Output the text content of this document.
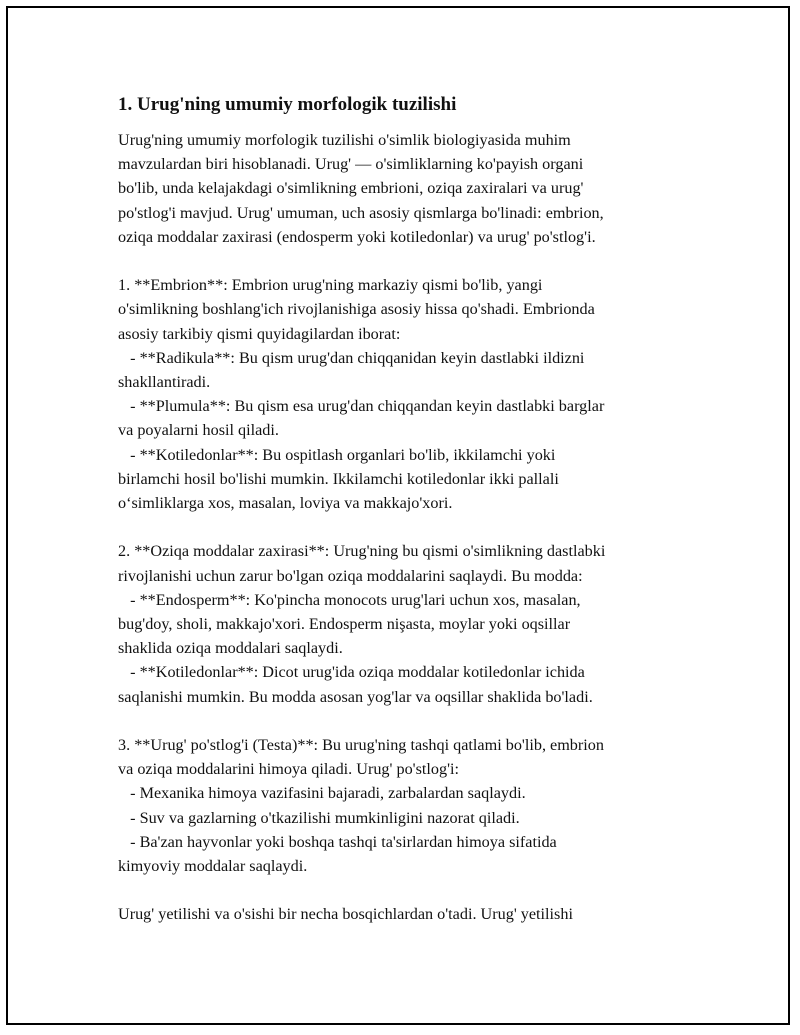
1. Urug'ning umumiy morfologik tuzilishi
Urug'ning umumiy morfologik tuzilishi o'simlik biologiyasida muhim
mavzulardan biri hisoblanadi. Urug' — o'simliklarning ko'payish organi
bo'lib, unda kelajakdagi o'simlikning embrioni, oziqa zaxiralari va urug'
po'stlog'i mavjud. Urug' umuman, uch asosiy qismlarga bo'linadi: embrion,
oziqa moddalar zaxirasi (endosperm yoki kotiledonlar) va urug' po'stlog'i.
1. **Embrion**: Embrion urug'ning markaziy qismi bo'lib, yangi
o'simlikning boshlang'ich rivojlanishiga asosiy hissa qo'shadi. Embrionda
asosiy tarkibiy qismi quyidagilardan iborat:
- **Radikula**: Bu qism urug'dan chiqqanidan keyin dastlabki ildizni
shakllantiradi.
- **Plumula**: Bu qism esa urug'dan chiqqandan keyin dastlabki barglar
va poyalarni hosil qiladi.
- **Kotiledonlar**: Bu ospitlash organlari bo'lib, ikkilamchi yoki
birlamchi hosil bo'lishi mumkin. Ikkilamchi kotiledonlar ikki pallali
o‘simliklarga xos, masalan, loviya va makkajo'xori.
2. **Oziqa moddalar zaxirasi**: Urug'ning bu qismi o'simlikning dastlabki
rivojlanishi uchun zarur bo'lgan oziqa moddalarini saqlaydi. Bu modda:
- **Endosperm**: Ko'pincha monocots urug'lari uchun xos, masalan,
bug'doy, sholi, makkajo'xori. Endosperm nişasta, moylar yoki oqsillar
shaklida oziqa moddalari saqlaydi.
- **Kotiledonlar**: Dicot urug'ida oziqa moddalar kotiledonlar ichida
saqlanishi mumkin. Bu modda asosan yog'lar va oqsillar shaklida bo'ladi.
3. **Urug' po'stlog'i (Testa)**: Bu urug'ning tashqi qatlami bo'lib, embrion
va oziqa moddalarini himoya qiladi. Urug' po'stlog'i:
- Mexanika himoya vazifasini bajaradi, zarbalardan saqlaydi.
- Suv va gazlarning o'tkazilishi mumkinligini nazorat qiladi.
- Ba'zan hayvonlar yoki boshqa tashqi ta'sirlardan himoya sifatida
kimyoviy moddalar saqlaydi.
Urug' yetilishi va o'sishi bir necha bosqichlardan o'tadi. Urug' yetilishi
